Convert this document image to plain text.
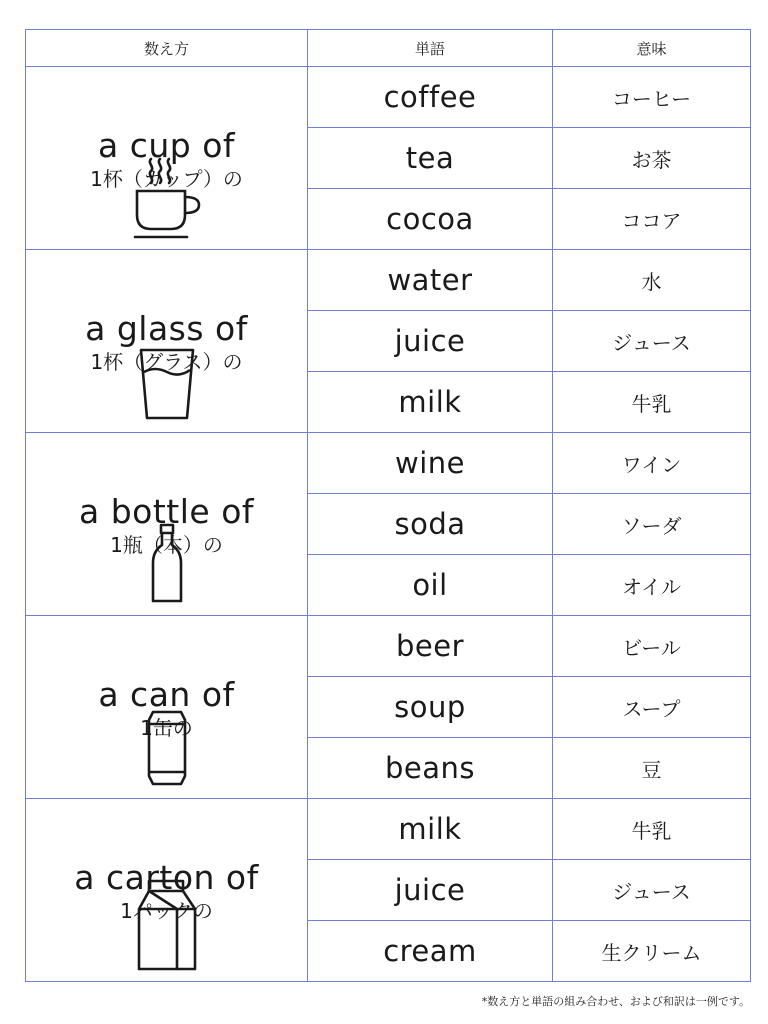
数え方	単語	意味

a cup of
1杯（カップ）の	coffee	コーヒー
	tea	お茶
	cocoa	ココア

a glass of
1杯（グラス）の	water	水
	juice	ジュース
	milk	牛乳

a bottle of
1瓶（本）の	wine	ワイン
	soda	ソーダ
	oil	オイル

a can of
1缶の	beer	ビール
	soup	スープ
	beans	豆

a carton of
1パックの	milk	牛乳
	juice	ジュース
	cream	生クリーム
*数え方と単語の組み合わせ、および和訳は一例です。
